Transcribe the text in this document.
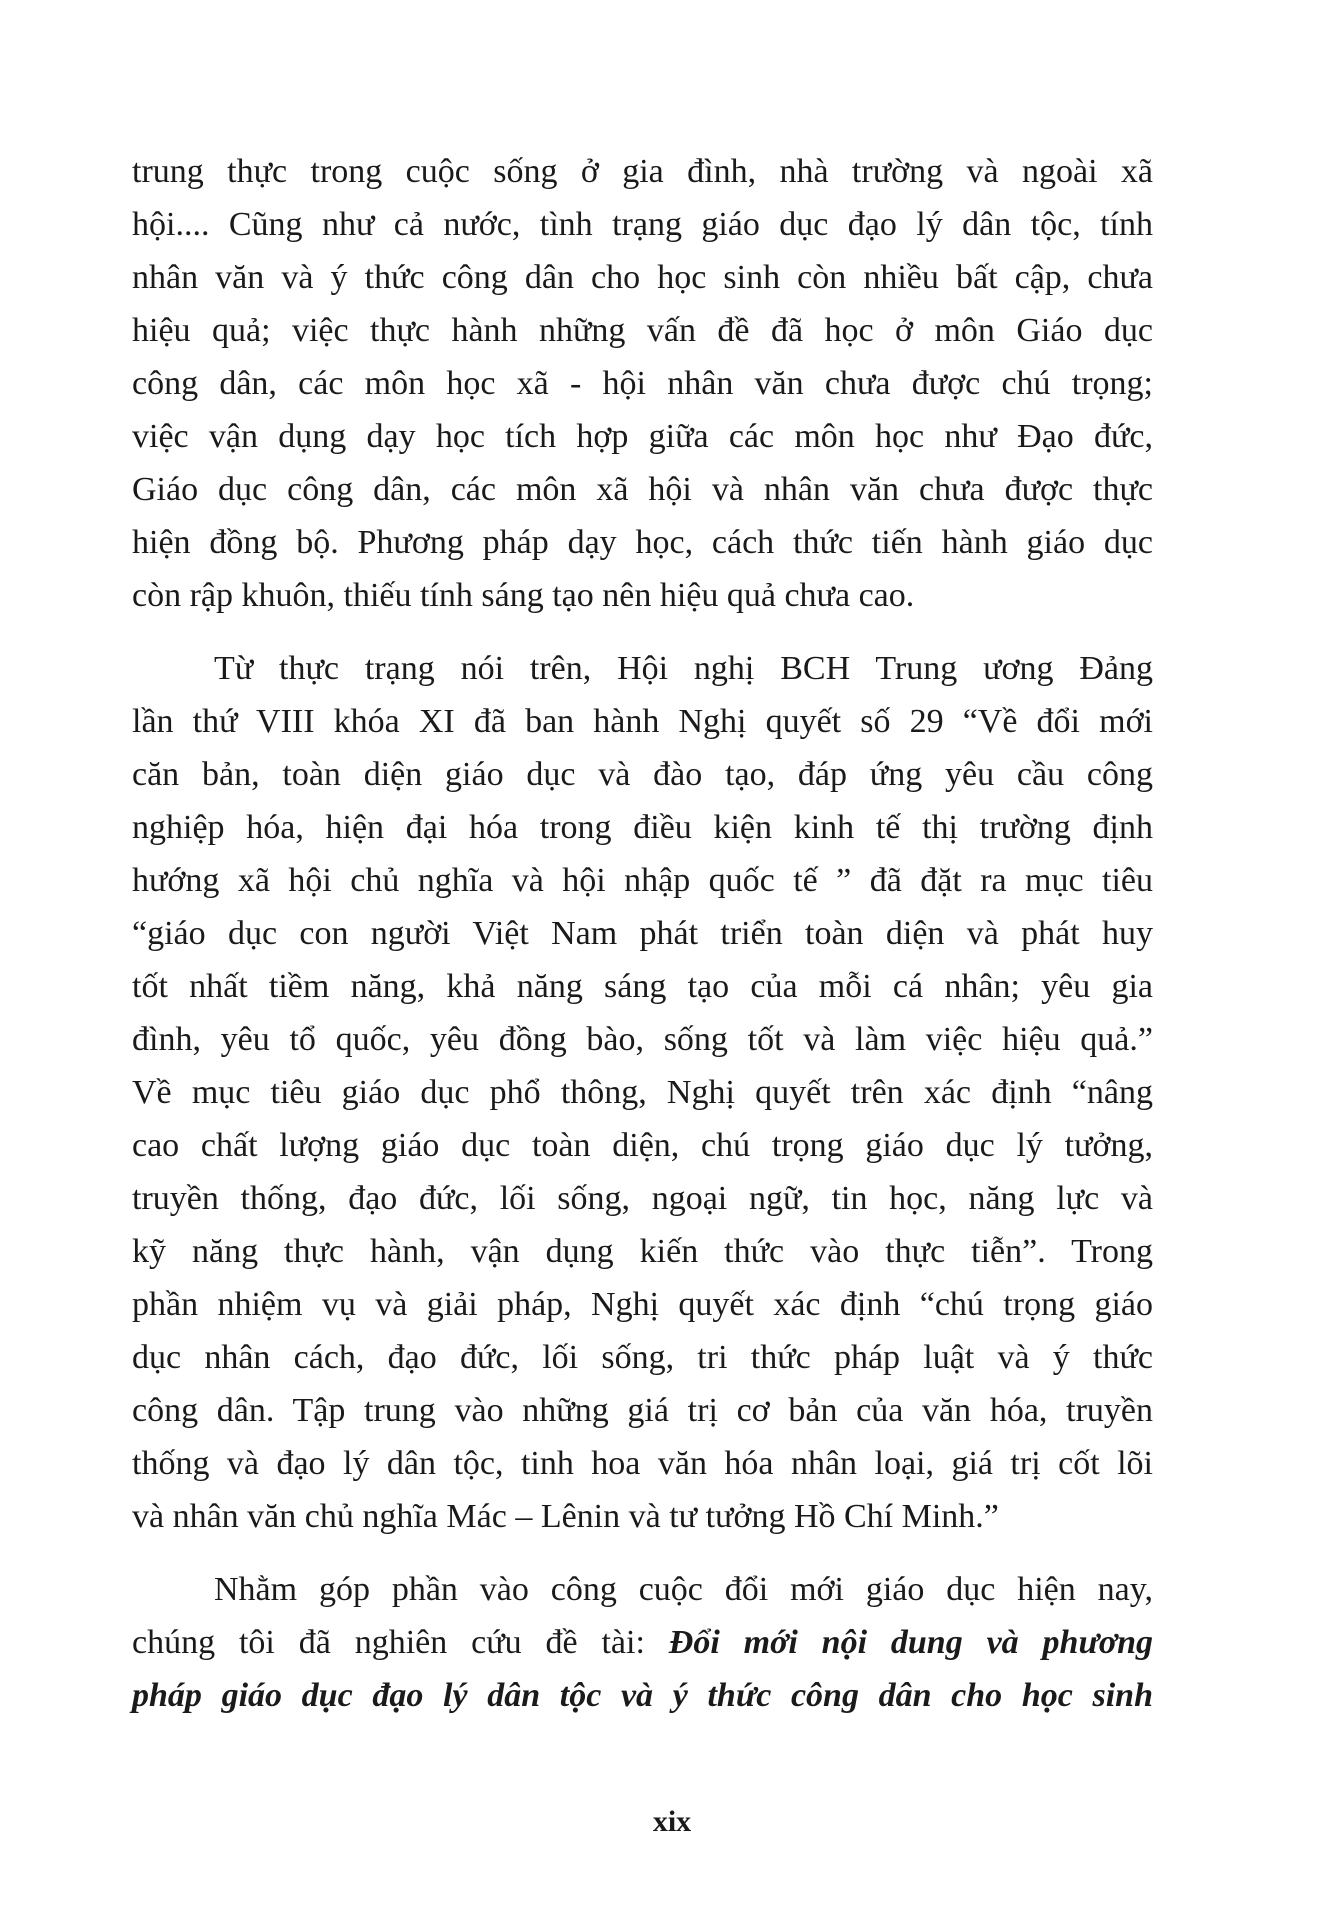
trung thực trong cuộc sống ở gia đình, nhà trường và ngoài xã
hội.... Cũng như cả nước, tình trạng giáo dục đạo lý dân tộc, tính
nhân văn và ý thức công dân cho học sinh còn nhiều bất cập, chưa
hiệu quả; việc thực hành những vấn đề đã học ở môn Giáo dục
công dân, các môn học xã - hội nhân văn chưa được chú trọng;
việc vận dụng dạy học tích hợp giữa các môn học như Đạo đức,
Giáo dục công dân, các môn xã hội và nhân văn chưa được thực
hiện đồng bộ. Phương pháp dạy học, cách thức tiến hành giáo dục
còn rập khuôn, thiếu tính sáng tạo nên hiệu quả chưa cao.
Từ thực trạng nói trên, Hội nghị BCH Trung ương Đảng
lần thứ VIII khóa XI đã ban hành Nghị quyết số 29 “Về đổi mới
căn bản, toàn diện giáo dục và đào tạo, đáp ứng yêu cầu công
nghiệp hóa, hiện đại hóa trong điều kiện kinh tế thị trường định
hướng xã hội chủ nghĩa và hội nhập quốc tế ” đã đặt ra mục tiêu
“giáo dục con người Việt Nam phát triển toàn diện và phát huy
tốt nhất tiềm năng, khả năng sáng tạo của mỗi cá nhân; yêu gia
đình, yêu tổ quốc, yêu đồng bào, sống tốt và làm việc hiệu quả.”
Về mục tiêu giáo dục phổ thông, Nghị quyết trên xác định “nâng
cao chất lượng giáo dục toàn diện, chú trọng giáo dục lý tưởng,
truyền thống, đạo đức, lối sống, ngoại ngữ, tin học, năng lực và
kỹ năng thực hành, vận dụng kiến thức vào thực tiễn”. Trong
phần nhiệm vụ và giải pháp, Nghị quyết xác định “chú trọng giáo
dục nhân cách, đạo đức, lối sống, tri thức pháp luật và ý thức
công dân. Tập trung vào những giá trị cơ bản của văn hóa, truyền
thống và đạo lý dân tộc, tinh hoa văn hóa nhân loại, giá trị cốt lõi
và nhân văn chủ nghĩa Mác – Lênin và tư tưởng Hồ Chí Minh.”
Nhằm góp phần vào công cuộc đổi mới giáo dục hiện nay,
chúng tôi đã nghiên cứu đề tài: Đổi mới nội dung và phương
pháp giáo dục đạo lý dân tộc và ý thức công dân cho học sinh
xix
